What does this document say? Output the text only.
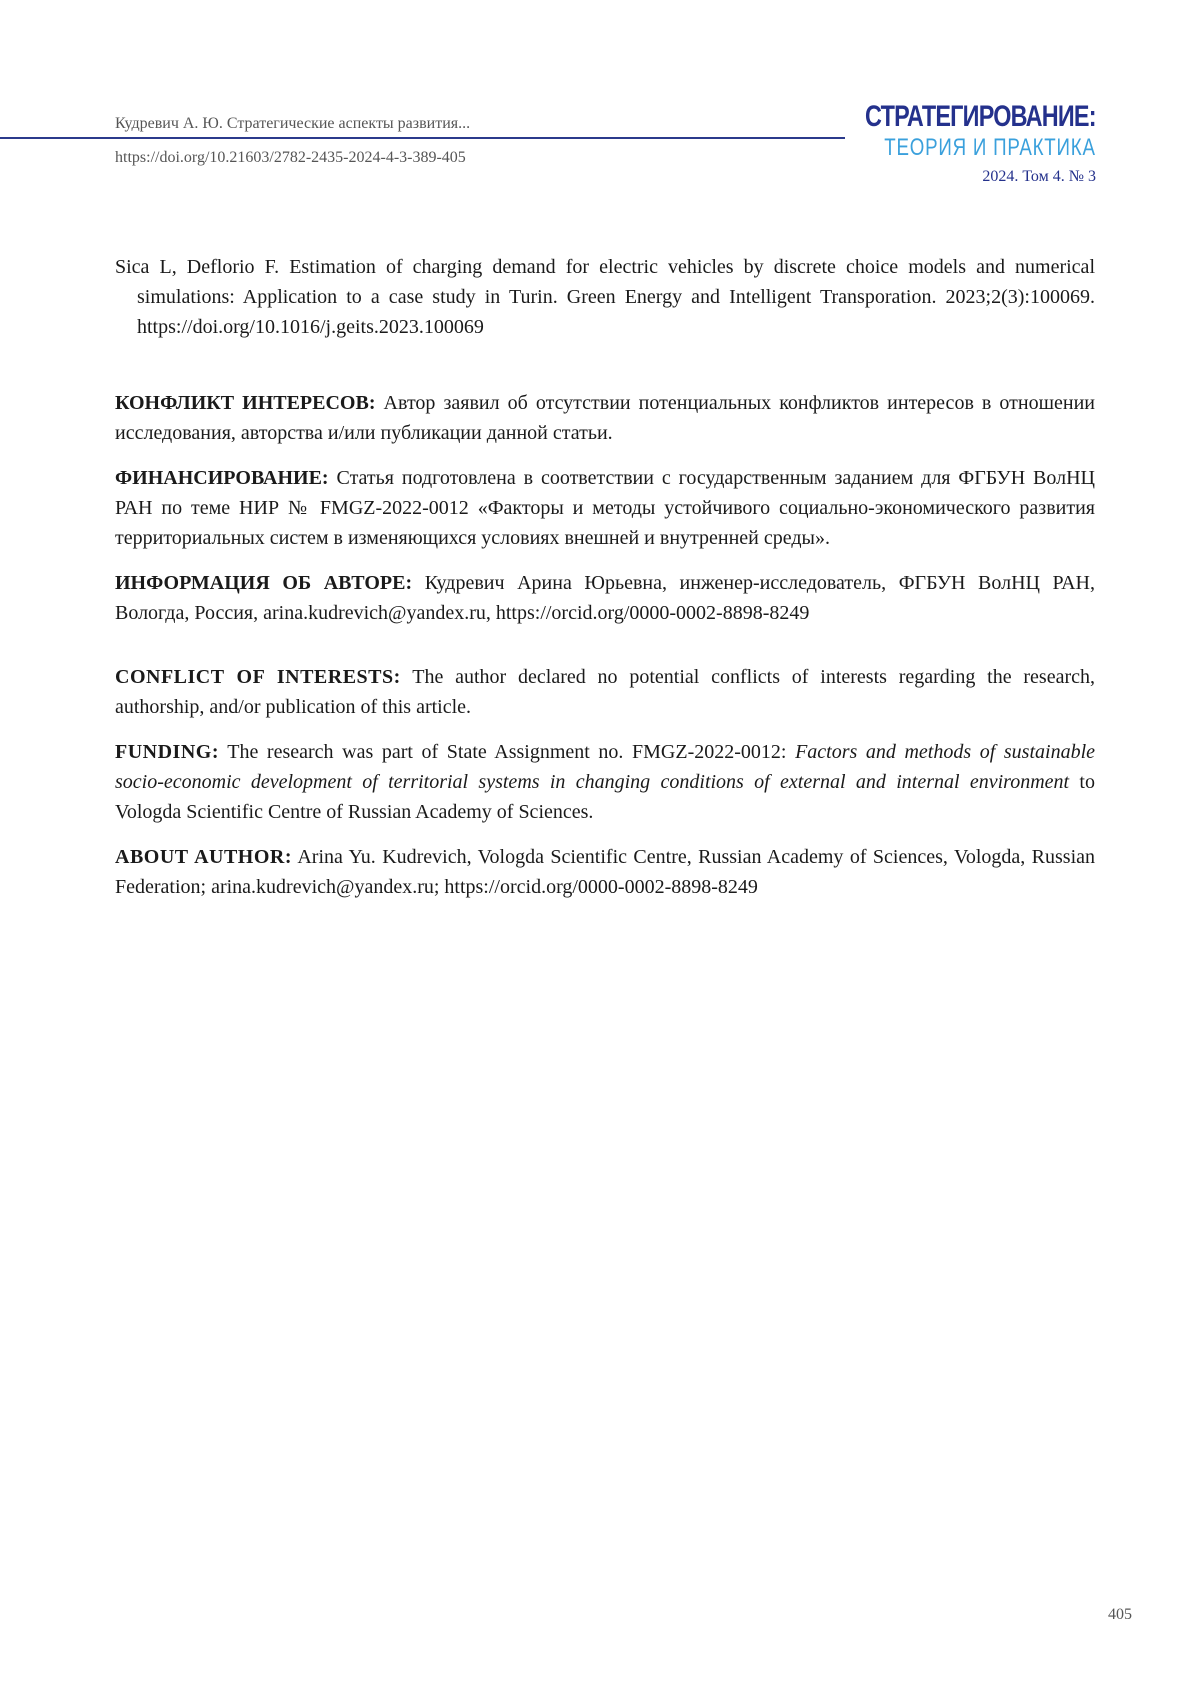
Кудревич А. Ю. Стратегические аспекты развития...
https://doi.org/10.21603/2782-2435-2024-4-3-389-405
СТРАТЕГИРОВАНИЕ:
ТЕОРИЯ И ПРАКТИКА
2024. Том 4. № 3

Sica L, Deflorio F. Estimation of charging demand for electric vehicles by discrete choice models and numerical simulations: Application to a case study in Turin. Green Energy and Intelligent Transporation. 2023;2(3):100069. https://doi.org/10.1016/j.geits.2023.100069

КОНФЛИКТ ИНТЕРЕСОВ: Автор заявил об отсутствии потенциальных конфликтов интересов в отношении исследования, авторства и/или публикации данной статьи.

ФИНАНСИРОВАНИЕ: Статья подготовлена в соответствии с государственным заданием для ФГБУН ВолНЦ РАН по теме НИР № FMGZ-2022-0012 «Факторы и методы устойчивого социально-экономического развития территориальных систем в изменяющихся условиях внешней и внутренней среды».

ИНФОРМАЦИЯ ОБ АВТОРЕ: Кудревич Арина Юрьевна, инженер-исследователь, ФГБУН ВолНЦ РАН, Вологда, Россия, arina.kudrevich@yandex.ru, https://orcid.org/0000-0002-8898-8249

CONFLICT OF INTERESTS: The author declared no potential conflicts of interests regarding the research, authorship, and/or publication of this article.

FUNDING: The research was part of State Assignment no. FMGZ-2022-0012: Factors and methods of sustainable socio-economic development of territorial systems in changing conditions of external and internal environment to Vologda Scientific Centre of Russian Academy of Sciences.

ABOUT AUTHOR: Arina Yu. Kudrevich, Vologda Scientific Centre, Russian Academy of Sciences, Vologda, Russian Federation; arina.kudrevich@yandex.ru; https://orcid.org/0000-0002-8898-8249

405
